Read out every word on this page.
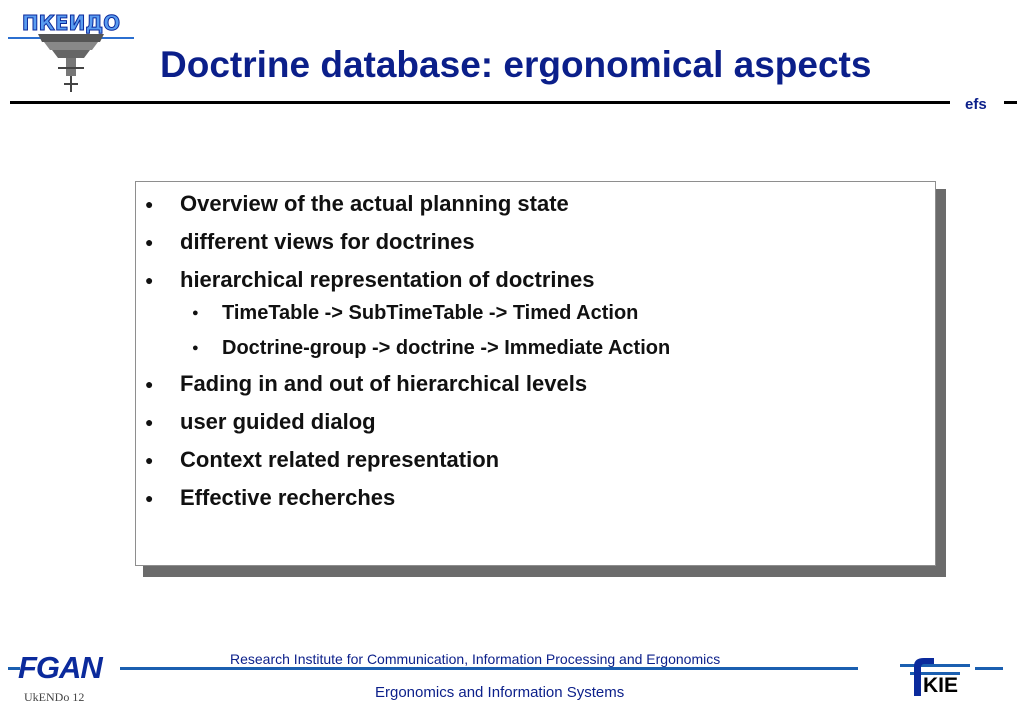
ПКЕИДО
Doctrine database: ergonomical aspects
efs
● Overview of the actual planning state
● different views for doctrines
● hierarchical representation of doctrines
● TimeTable -> SubTimeTable -> Timed Action
● Doctrine-group -> doctrine -> Immediate Action
● Fading in and out of hierarchical levels
● user guided dialog
● Context related representation
● Effective recherches
FGAN	Research Institute for Communication, Information Processing and Ergonomics
Ergonomics and Information Systems
UkENDo 12	KIE
